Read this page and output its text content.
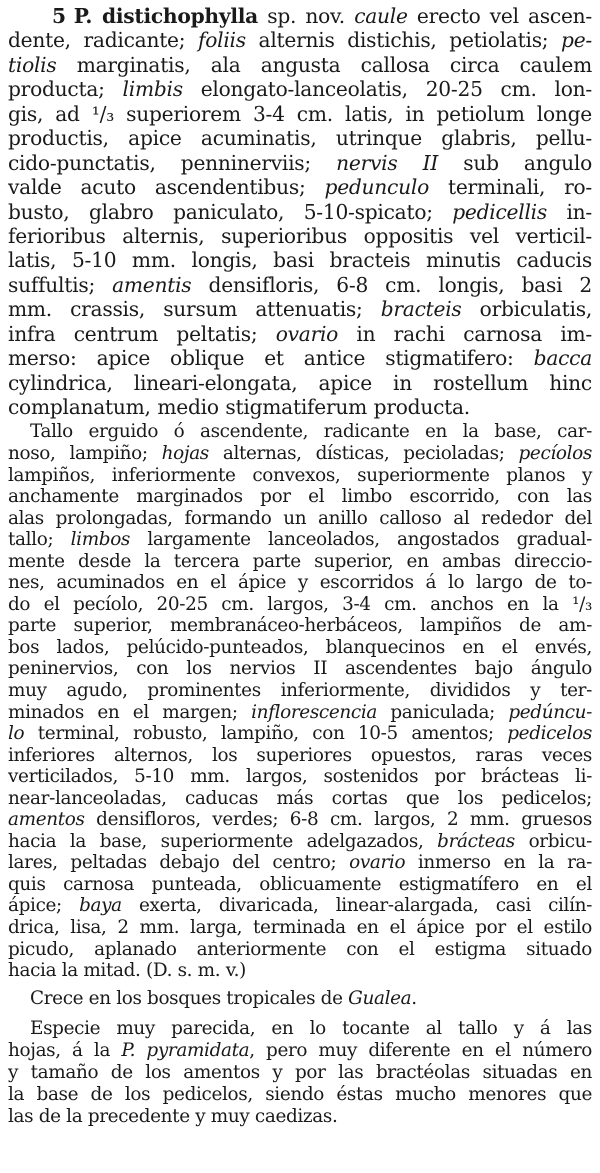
5 P. distichophylla sp. nov. caule erecto vel ascen-
dente, radicante; foliis alternis distichis, petiolatis; pe-
tiolis marginatis, ala angusta callosa circa caulem
producta; limbis elongato-lanceolatis, 20-25 cm. lon-
gis, ad ¹/₃ superiorem 3-4 cm. latis, in petiolum longe
productis, apice acuminatis, utrinque glabris, pellu-
cido-punctatis, penninerviis; nervis II sub angulo
valde acuto ascendentibus; pedunculo terminali, ro-
busto, glabro paniculato, 5-10-spicato; pedicellis in-
ferioribus alternis, superioribus oppositis vel verticil-
latis, 5-10 mm. longis, basi bracteis minutis caducis
suffultis; amentis densifloris, 6-8 cm. longis, basi 2
mm. crassis, sursum attenuatis; bracteis orbiculatis,
infra centrum peltatis; ovario in rachi carnosa im-
merso: apice oblique et antice stigmatifero: bacca
cylindrica, lineari-elongata, apice in rostellum hinc
complanatum, medio stigmatiferum producta.
Tallo erguido ó ascendente, radicante en la base, car-
noso, lampiño; hojas alternas, dísticas, pecioladas; pecíolos
lampiños, inferiormente convexos, superiormente planos y
anchamente marginados por el limbo escorrido, con las
alas prolongadas, formando un anillo calloso al rededor del
tallo; limbos largamente lanceolados, angostados gradual-
mente desde la tercera parte superior, en ambas direccio-
nes, acuminados en el ápice y escorridos á lo largo de to-
do el pecíolo, 20-25 cm. largos, 3-4 cm. anchos en la ¹/₃
parte superior, membranáceo-herbáceos, lampiños de am-
bos lados, pelúcido-punteados, blanquecinos en el envés,
peninervios, con los nervios II ascendentes bajo ángulo
muy agudo, prominentes inferiormente, divididos y ter-
minados en el margen; inflorescencia paniculada; pedúncu-
lo terminal, robusto, lampiño, con 10-5 amentos; pedicelos
inferiores alternos, los superiores opuestos, raras veces
verticilados, 5-10 mm. largos, sostenidos por brácteas li-
near-lanceoladas, caducas más cortas que los pedicelos;
amentos densifloros, verdes; 6-8 cm. largos, 2 mm. gruesos
hacia la base, superiormente adelgazados, brácteas orbicu-
lares, peltadas debajo del centro; ovario inmerso en la ra-
quis carnosa punteada, oblicuamente estigmatífero en el
ápice; baya exerta, divaricada, linear-alargada, casi cilín-
drica, lisa, 2 mm. larga, terminada en el ápice por el estilo
picudo, aplanado anteriormente con el estigma situado
hacia la mitad. (D. s. m. v.)
Crece en los bosques tropicales de Gualea.
Especie muy parecida, en lo tocante al tallo y á las
hojas, á la P. pyramidata, pero muy diferente en el número
y tamaño de los amentos y por las bractéolas situadas en
la base de los pedicelos, siendo éstas mucho menores que
las de la precedente y muy caedizas.
